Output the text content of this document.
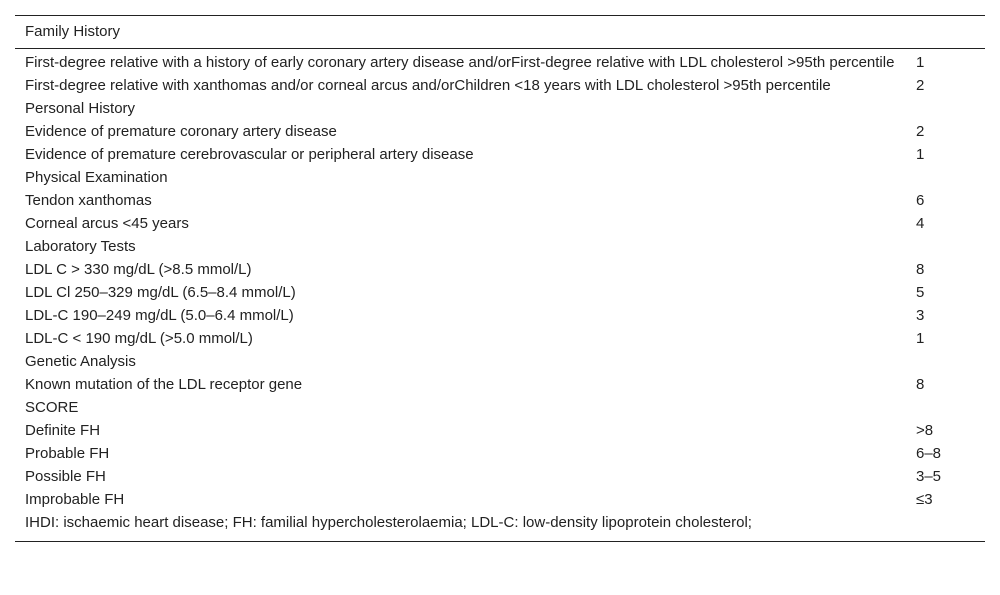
Family History	
First-degree relative with a history of early coronary artery disease and/orFirst-degree relative with LDL cholesterol >95th percentile	1
First-degree relative with xanthomas and/or corneal arcus and/orChildren <18 years with LDL cholesterol >95th percentile	2
Personal History	
Evidence of premature coronary artery disease	2
Evidence of premature cerebrovascular or peripheral artery disease	1
Physical Examination	
Tendon xanthomas	6
Corneal arcus <45 years	4
Laboratory Tests	
LDL C > 330 mg/dL (>8.5 mmol/L)	8
LDL Cl 250–329 mg/dL (6.5–8.4 mmol/L)	5
LDL-C 190–249 mg/dL (5.0–6.4 mmol/L)	3
LDL-C < 190 mg/dL (>5.0 mmol/L)	1
Genetic Analysis	
Known mutation of the LDL receptor gene	8
SCORE	
Definite FH	>8
Probable FH	6–8
Possible FH	3–5
Improbable FH	≤3
IHDI: ischaemic heart disease; FH: familial hypercholesterolaemia; LDL-C: low-density lipoprotein cholesterol;	
